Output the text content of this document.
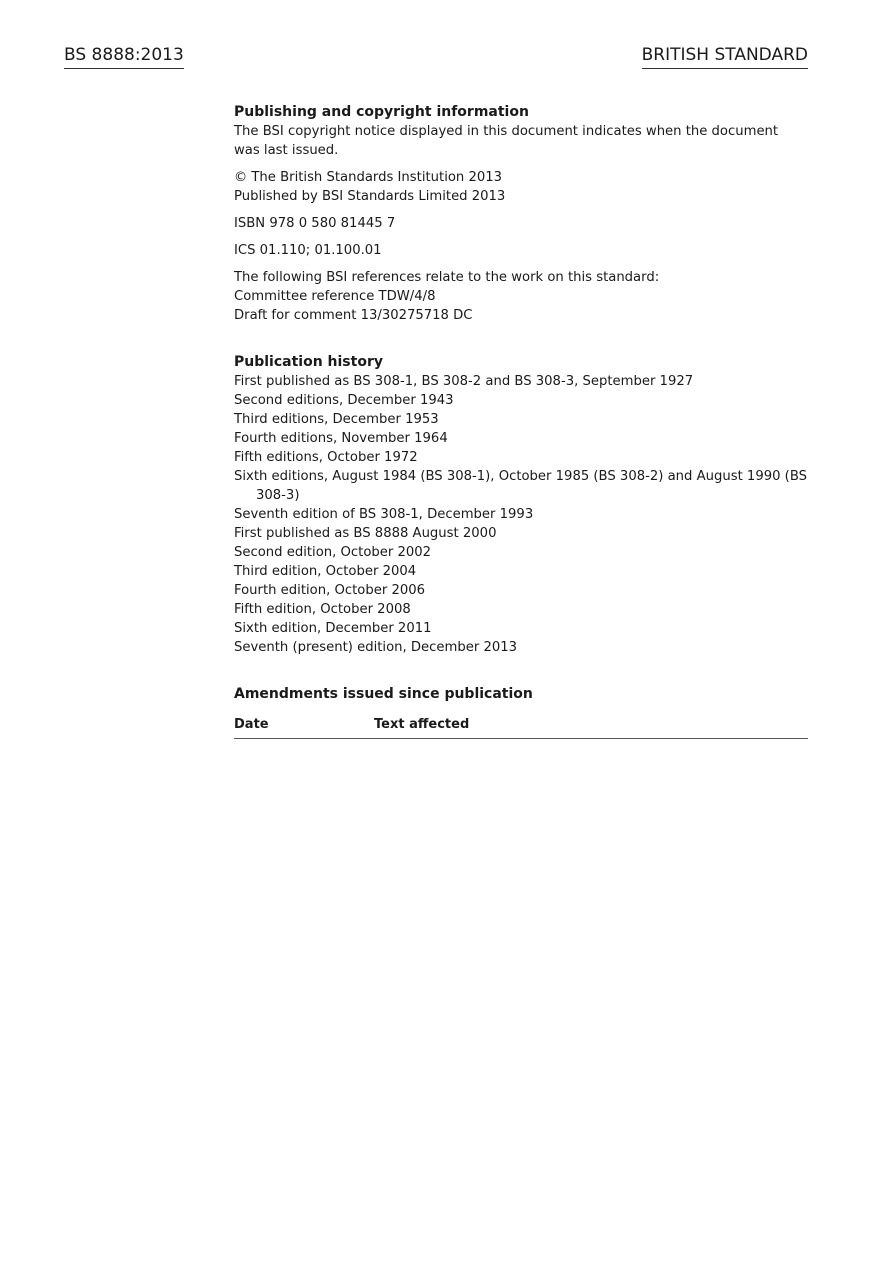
BS 8888:2013	BRITISH STANDARD
Publishing and copyright information
The BSI copyright notice displayed in this document indicates when the document was last issued.
© The British Standards Institution 2013
Published by BSI Standards Limited 2013
ISBN 978 0 580 81445 7
ICS 01.110; 01.100.01
The following BSI references relate to the work on this standard:
Committee reference TDW/4/8
Draft for comment 13/30275718 DC
Publication history
First published as BS 308-1, BS 308-2 and BS 308-3, September 1927
Second editions, December 1943
Third editions, December 1953
Fourth editions, November 1964
Fifth editions, October 1972
Sixth editions, August 1984 (BS 308-1), October 1985 (BS 308-2) and August 1990 (BS 308-3)
Seventh edition of BS 308-1, December 1993
First published as BS 8888 August 2000
Second edition, October 2002
Third edition, October 2004
Fourth edition, October 2006
Fifth edition, October 2008
Sixth edition, December 2011
Seventh (present) edition, December 2013
Amendments issued since publication
Date	Text affected
